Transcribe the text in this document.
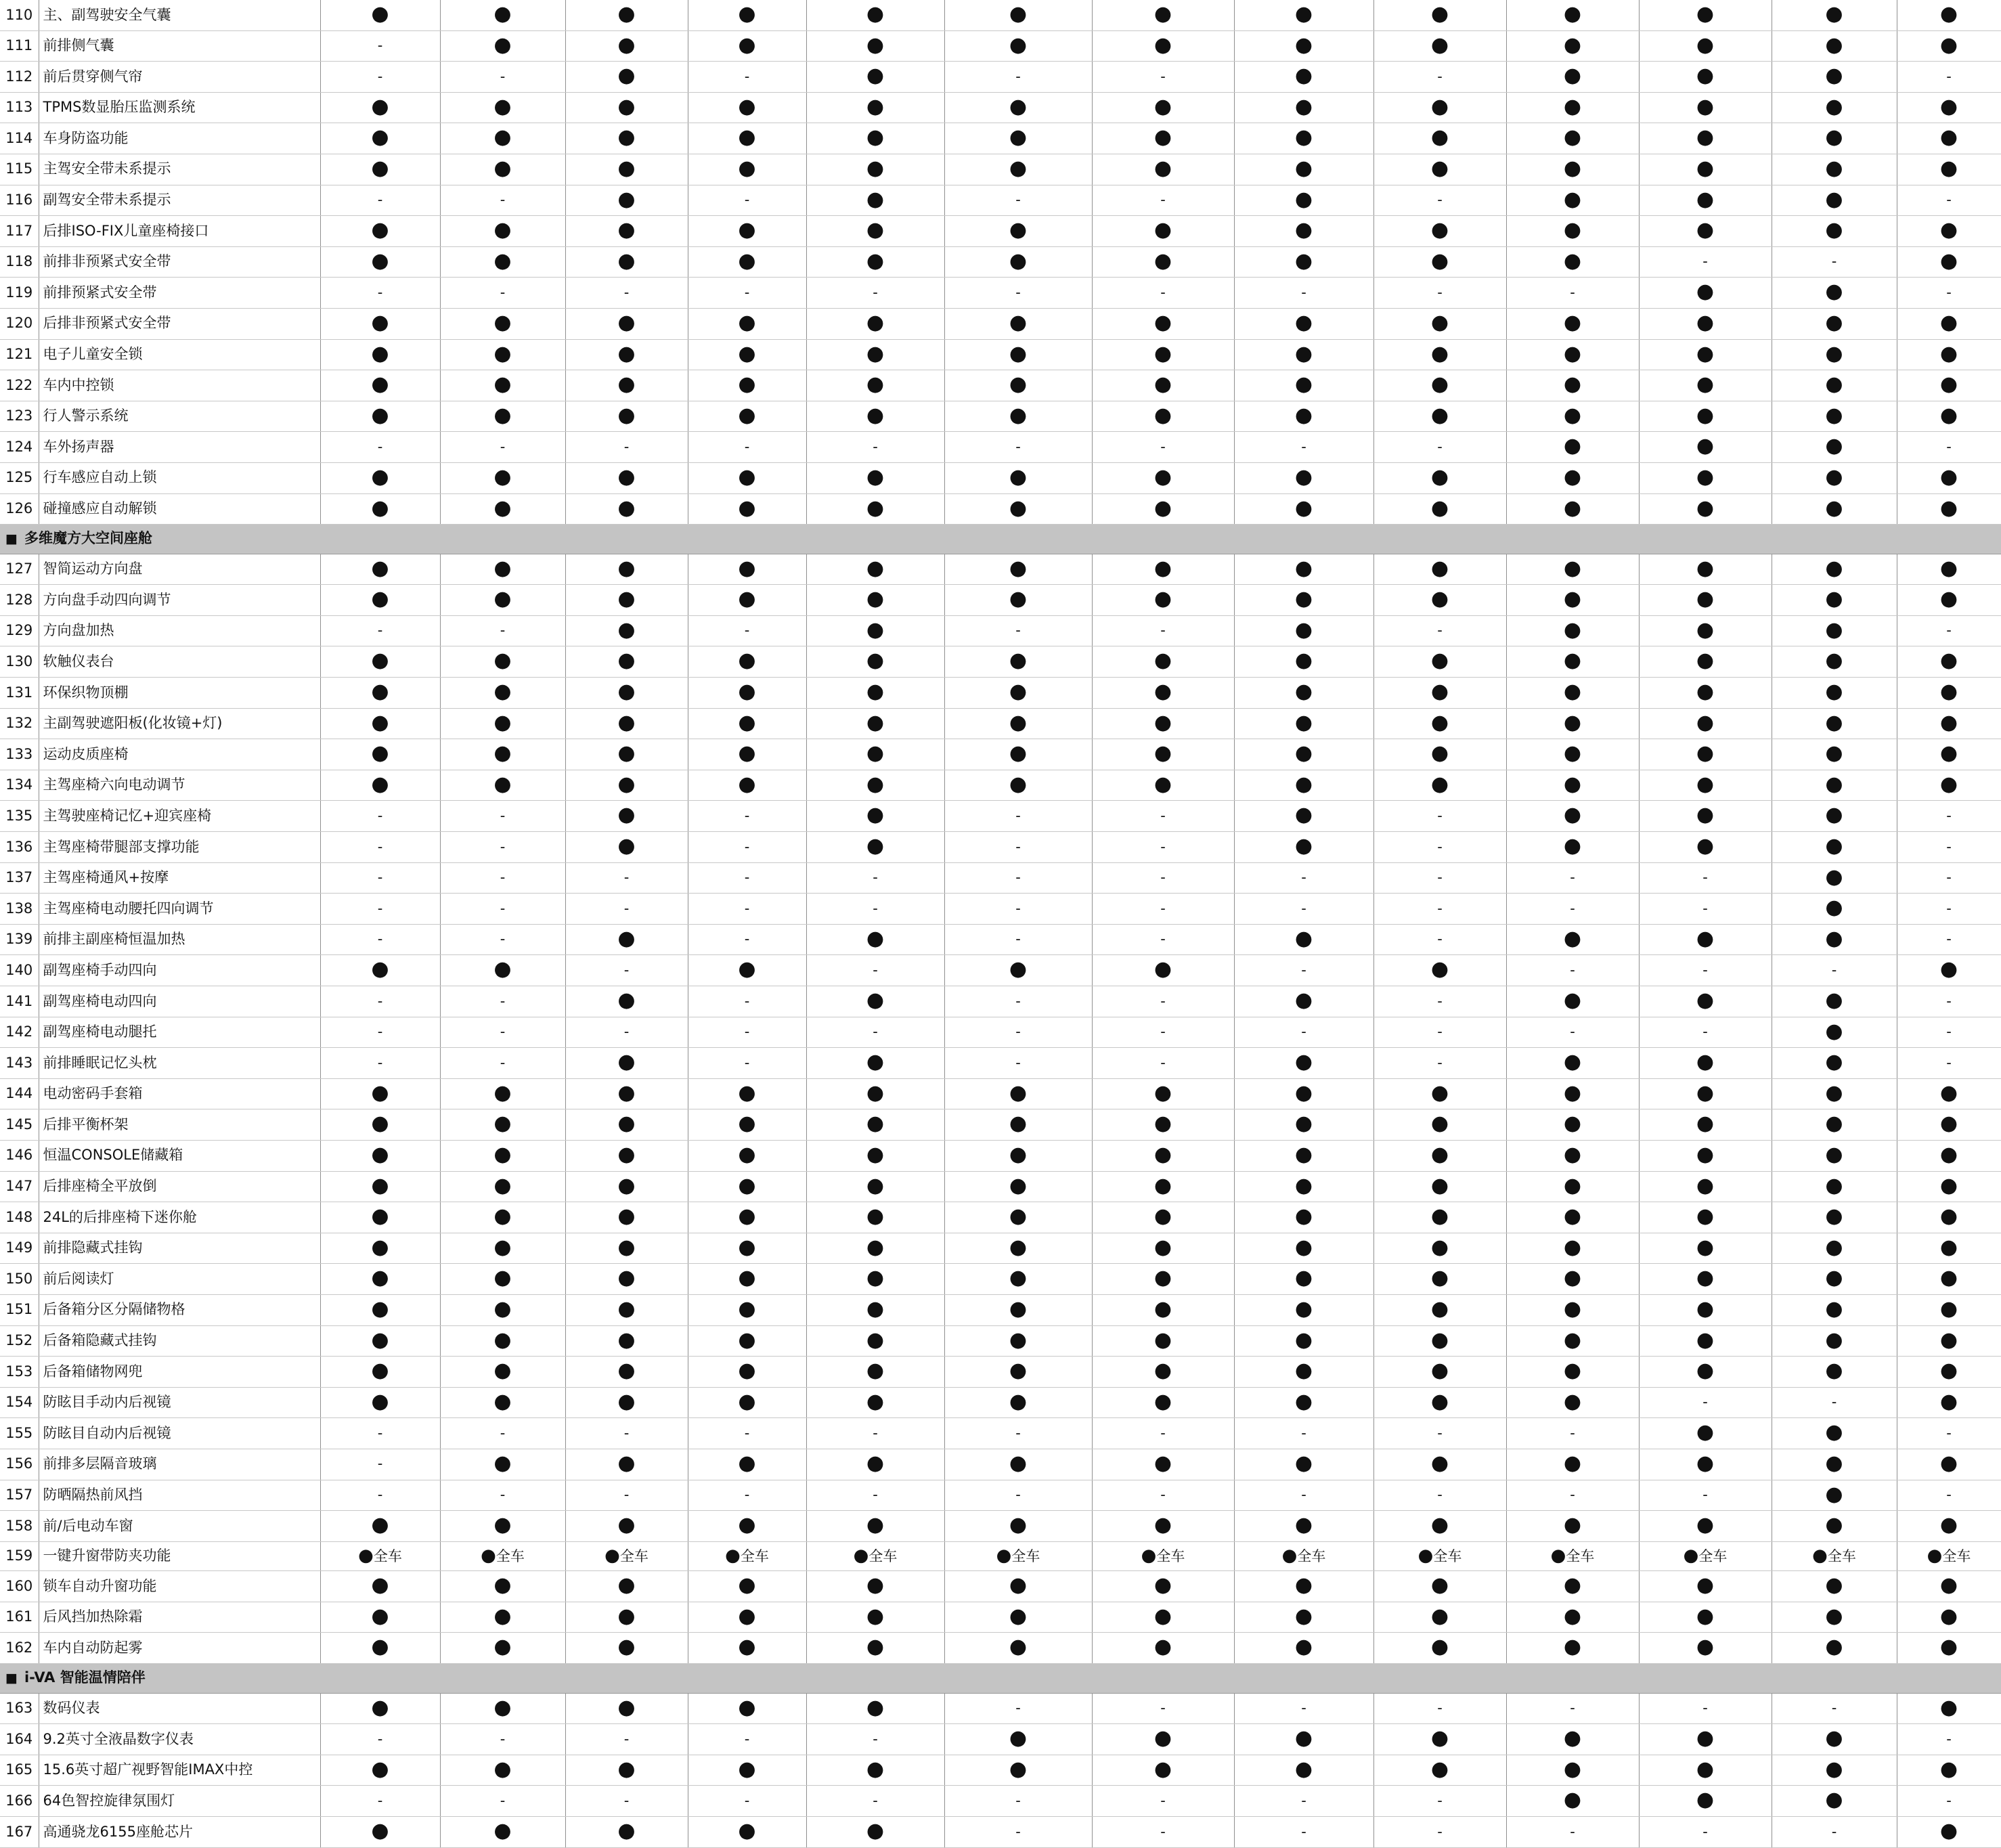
110	主、副驾驶安全气囊	●	●	●	●	●	●	●	●	●	●	●	●	●
111	前排侧气囊	-	●	●	●	●	●	●	●	●	●	●	●	●
112	前后贯穿侧气帘	-	-	●	-	●	-	-	●	-	●	●	●	-
113	TPMS数显胎压监测系统	●	●	●	●	●	●	●	●	●	●	●	●	●
114	车身防盗功能	●	●	●	●	●	●	●	●	●	●	●	●	●
115	主驾安全带未系提示	●	●	●	●	●	●	●	●	●	●	●	●	●
116	副驾安全带未系提示	-	-	●	-	●	-	-	●	-	●	●	●	-
117	后排ISO-FIX儿童座椅接口	●	●	●	●	●	●	●	●	●	●	●	●	●
118	前排非预紧式安全带	●	●	●	●	●	●	●	●	●	●	-	-	●
119	前排预紧式安全带	-	-	-	-	-	-	-	-	-	-	●	●	-
120	后排非预紧式安全带	●	●	●	●	●	●	●	●	●	●	●	●	●
121	电子儿童安全锁	●	●	●	●	●	●	●	●	●	●	●	●	●
122	车内中控锁	●	●	●	●	●	●	●	●	●	●	●	●	●
123	行人警示系统	●	●	●	●	●	●	●	●	●	●	●	●	●
124	车外扬声器	-	-	-	-	-	-	-	-	-	●	●	●	-
125	行车感应自动上锁	●	●	●	●	●	●	●	●	●	●	●	●	●
126	碰撞感应自动解锁	●	●	●	●	●	●	●	●	●	●	●	●	●
■ 多维魔方大空间座舱														
127	智简运动方向盘	●	●	●	●	●	●	●	●	●	●	●	●	●
128	方向盘手动四向调节	●	●	●	●	●	●	●	●	●	●	●	●	●
129	方向盘加热	-	-	●	-	●	-	-	●	-	●	●	●	-
130	软触仪表台	●	●	●	●	●	●	●	●	●	●	●	●	●
131	环保织物顶棚	●	●	●	●	●	●	●	●	●	●	●	●	●
132	主副驾驶遮阳板(化妆镜+灯)	●	●	●	●	●	●	●	●	●	●	●	●	●
133	运动皮质座椅	●	●	●	●	●	●	●	●	●	●	●	●	●
134	主驾座椅六向电动调节	●	●	●	●	●	●	●	●	●	●	●	●	●
135	主驾驶座椅记忆+迎宾座椅	-	-	●	-	●	-	-	●	-	●	●	●	-
136	主驾座椅带腿部支撑功能	-	-	●	-	●	-	-	●	-	●	●	●	-
137	主驾座椅通风+按摩	-	-	-	-	-	-	-	-	-	-	-	●	-
138	主驾座椅电动腰托四向调节	-	-	-	-	-	-	-	-	-	-	-	●	-
139	前排主副座椅恒温加热	-	-	●	-	●	-	-	●	-	●	●	●	-
140	副驾座椅手动四向	●	●	-	●	-	●	●	-	●	-	-	-	●
141	副驾座椅电动四向	-	-	●	-	●	-	-	●	-	●	●	●	-
142	副驾座椅电动腿托	-	-	-	-	-	-	-	-	-	-	-	●	-
143	前排睡眠记忆头枕	-	-	●	-	●	-	-	●	-	●	●	●	-
144	电动密码手套箱	●	●	●	●	●	●	●	●	●	●	●	●	●
145	后排平衡杯架	●	●	●	●	●	●	●	●	●	●	●	●	●
146	恒温CONSOLE储藏箱	●	●	●	●	●	●	●	●	●	●	●	●	●
147	后排座椅全平放倒	●	●	●	●	●	●	●	●	●	●	●	●	●
148	24L的后排座椅下迷你舱	●	●	●	●	●	●	●	●	●	●	●	●	●
149	前排隐藏式挂钩	●	●	●	●	●	●	●	●	●	●	●	●	●
150	前后阅读灯	●	●	●	●	●	●	●	●	●	●	●	●	●
151	后备箱分区分隔储物格	●	●	●	●	●	●	●	●	●	●	●	●	●
152	后备箱隐藏式挂钩	●	●	●	●	●	●	●	●	●	●	●	●	●
153	后备箱储物网兜	●	●	●	●	●	●	●	●	●	●	●	●	●
154	防眩目手动内后视镜	●	●	●	●	●	●	●	●	●	●	-	-	●
155	防眩目自动内后视镜	-	-	-	-	-	-	-	-	-	-	●	●	-
156	前排多层隔音玻璃	-	●	●	●	●	●	●	●	●	●	●	●	●
157	防晒隔热前风挡	-	-	-	-	-	-	-	-	-	-	-	●	-
158	前/后电动车窗	●	●	●	●	●	●	●	●	●	●	●	●	●
159	一键升窗带防夹功能	●全车	●全车	●全车	●全车	●全车	●全车	●全车	●全车	●全车	●全车	●全车	●全车	●全车
160	锁车自动升窗功能	●	●	●	●	●	●	●	●	●	●	●	●	●
161	后风挡加热除霜	●	●	●	●	●	●	●	●	●	●	●	●	●
162	车内自动防起雾	●	●	●	●	●	●	●	●	●	●	●	●	●
■ i-VA 智能温情陪伴														
163	数码仪表	●	●	●	●	●	-	-	-	-	-	-	-	●
164	9.2英寸全液晶数字仪表	-	-	-	-	-	●	●	●	●	●	●	●	-
165	15.6英寸超广视野智能IMAX中控	●	●	●	●	●	●	●	●	●	●	●	●	●
166	64色智控旋律氛围灯	-	-	-	-	-	-	-	-	-	●	●	●	-
167	高通骁龙6155座舱芯片	●	●	●	●	●	-	-	-	-	-	-	-	●
